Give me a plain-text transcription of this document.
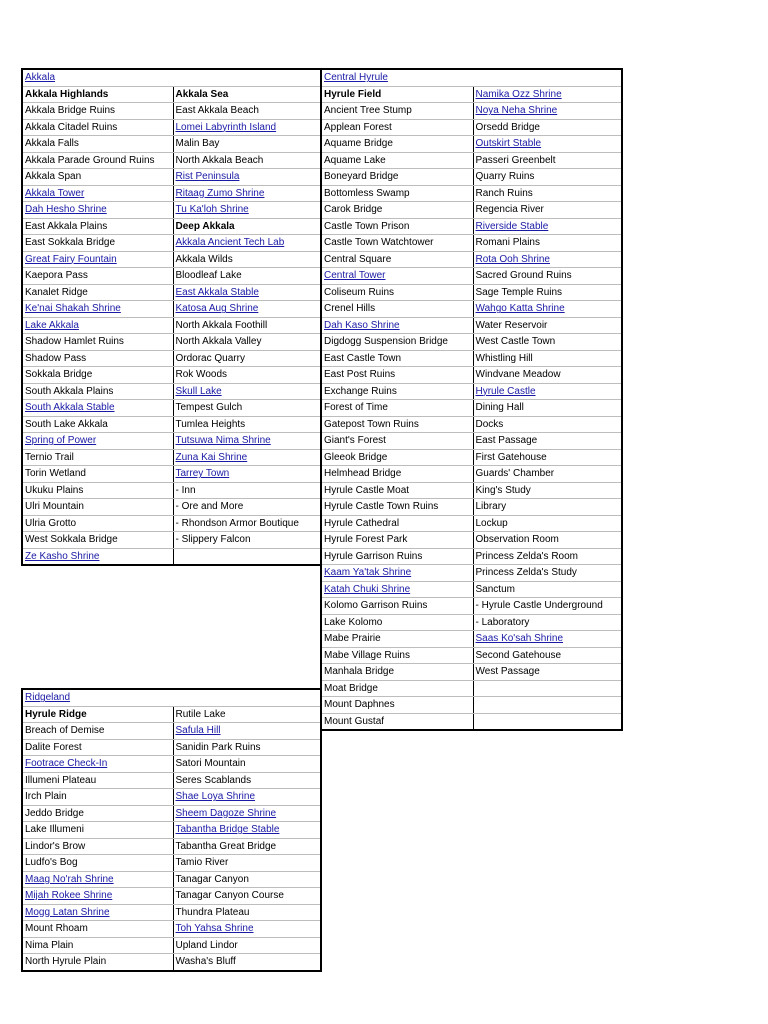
Akkala	
Akkala Highlands	Akkala Sea
Akkala Bridge Ruins	East Akkala Beach
Akkala Citadel Ruins	Lomei Labyrinth Island
Akkala Falls	Malin Bay
Akkala Parade Ground Ruins	North Akkala Beach
Akkala Span	Rist Peninsula
Akkala Tower	Ritaag Zumo Shrine
Dah Hesho Shrine	Tu Ka'loh Shrine
East Akkala Plains	Deep Akkala
East Sokkala Bridge	Akkala Ancient Tech Lab
Great Fairy Fountain	Akkala Wilds
Kaepora Pass	Bloodleaf Lake
Kanalet Ridge	East Akkala Stable
Ke'nai Shakah Shrine	Katosa Aug Shrine
Lake Akkala	North Akkala Foothill
Shadow Hamlet Ruins	North Akkala Valley
Shadow Pass	Ordorac Quarry
Sokkala Bridge	Rok Woods
South Akkala Plains	Skull Lake
South Akkala Stable	Tempest Gulch
South Lake Akkala	Tumlea Heights
Spring of Power	Tutsuwa Nima Shrine
Ternio Trail	Zuna Kai Shrine
Torin Wetland	Tarrey Town
Ukuku Plains	- Inn
Ulri Mountain	- Ore and More
Ulria Grotto	- Rhondson Armor Boutique
West Sokkala Bridge	- Slippery Falcon
Ze Kasho Shrine	
Central Hyrule	
Hyrule Field	Namika Ozz Shrine
Ancient Tree Stump	Noya Neha Shrine
Applean Forest	Orsedd Bridge
Aquame Bridge	Outskirt Stable
Aquame Lake	Passeri Greenbelt
Boneyard Bridge	Quarry Ruins
Bottomless Swamp	Ranch Ruins
Carok Bridge	Regencia River
Castle Town Prison	Riverside Stable
Castle Town Watchtower	Romani Plains
Central Square	Rota Ooh Shrine
Central Tower	Sacred Ground Ruins
Coliseum Ruins	Sage Temple Ruins
Crenel Hills	Wahgo Katta Shrine
Dah Kaso Shrine	Water Reservoir
Digdogg Suspension Bridge	West Castle Town
East Castle Town	Whistling Hill
East Post Ruins	Windvane Meadow
Exchange Ruins	Hyrule Castle
Forest of Time	Dining Hall
Gatepost Town Ruins	Docks
Giant's Forest	East Passage
Gleeok Bridge	First Gatehouse
Helmhead Bridge	Guards' Chamber
Hyrule Castle Moat	King's Study
Hyrule Castle Town Ruins	Library
Hyrule Cathedral	Lockup
Hyrule Forest Park	Observation Room
Hyrule Garrison Ruins	Princess Zelda's Room
Kaam Ya'tak Shrine	Princess Zelda's Study
Katah Chuki Shrine	Sanctum
Kolomo Garrison Ruins	- Hyrule Castle Underground
Lake Kolomo	- Laboratory
Mabe Prairie	Saas Ko'sah Shrine
Mabe Village Ruins	Second Gatehouse
Manhala Bridge	West Passage
Moat Bridge	
Mount Daphnes	
Mount Gustaf	
Ridgeland	
Hyrule Ridge	Rutile Lake
Breach of Demise	Safula Hill
Dalite Forest	Sanidin Park Ruins
Footrace Check-In	Satori Mountain
Illumeni Plateau	Seres Scablands
Irch Plain	Shae Loya Shrine
Jeddo Bridge	Sheem Dagoze Shrine
Lake Illumeni	Tabantha Bridge Stable
Lindor's Brow	Tabantha Great Bridge
Ludfo's Bog	Tamio River
Maag No'rah Shrine	Tanagar Canyon
Mijah Rokee Shrine	Tanagar Canyon Course
Mogg Latan Shrine	Thundra Plateau
Mount Rhoam	Toh Yahsa Shrine
Nima Plain	Upland Lindor
North Hyrule Plain	Washa's Bluff
